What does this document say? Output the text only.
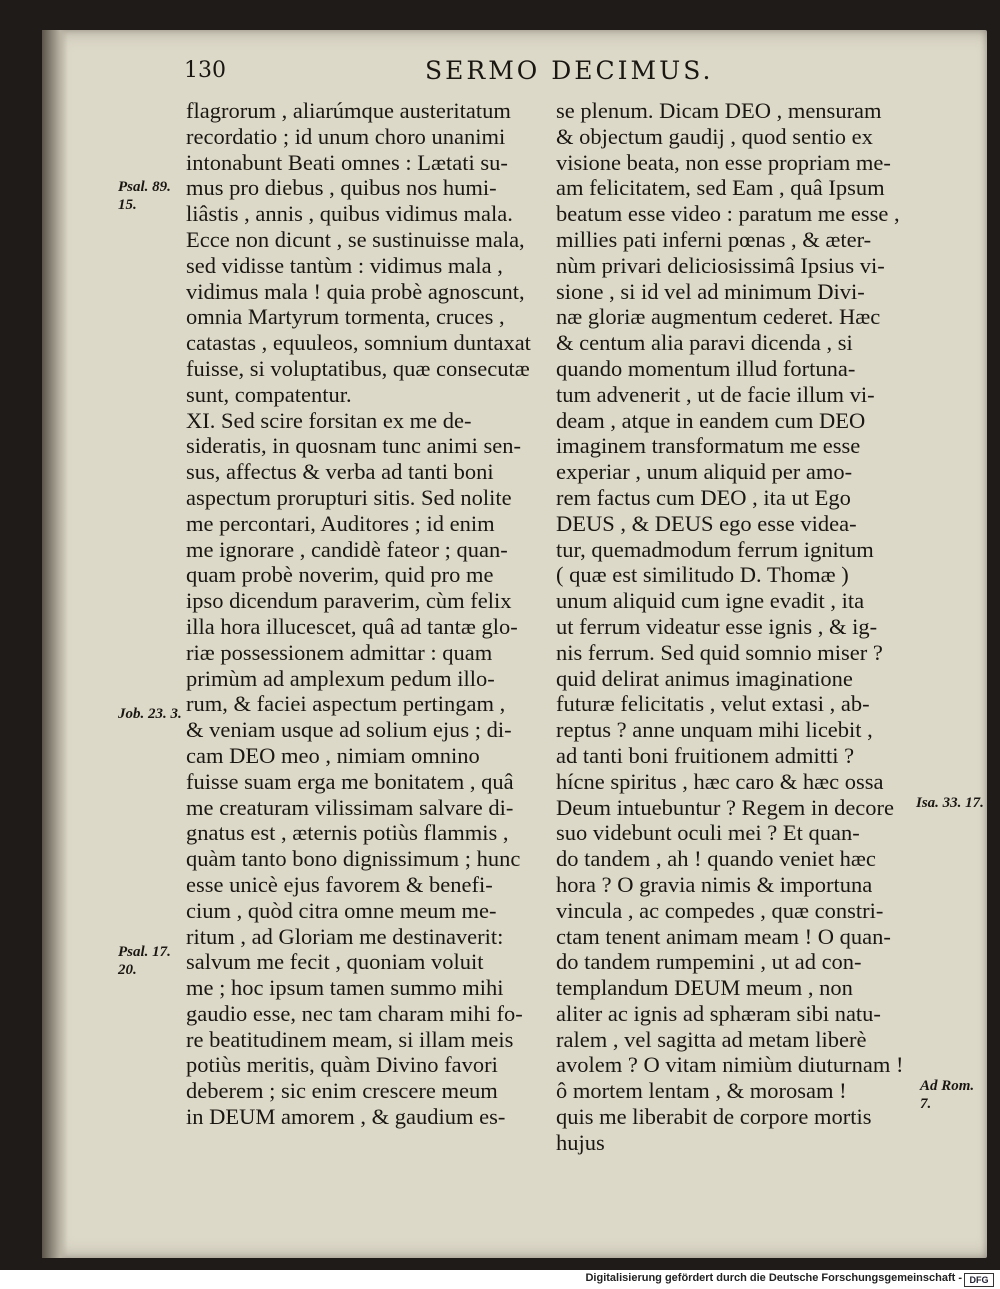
130	SERMO DECIMUS.
flagrorum , aliarúmque austeritatum
recordatio ; id unum choro unanimi
intonabunt Beati omnes : Lætati su-
mus pro diebus , quibus nos humi-
liâstis , annis , quibus vidimus mala.
Ecce non dicunt , se sustinuisse mala,
sed vidisse tantùm : vidimus mala ,
vidimus mala ! quia probè agnoscunt,
omnia Martyrum tormenta, cruces ,
catastas , equuleos, somnium duntaxat
fuisse, si voluptatibus, quæ consecutæ
sunt, compatentur.
XI. Sed scire forsitan ex me de-
sideratis, in quosnam tunc animi sen-
sus, affectus & verba ad tanti boni
aspectum prorupturi sitis. Sed nolite
me percontari, Auditores ; id enim
me ignorare , candidè fateor ; quan-
quam probè noverim, quid pro me
ipso dicendum paraverim, cùm felix
illa hora illucescet, quâ ad tantæ glo-
riæ possessionem admittar : quam
primùm ad amplexum pedum illo-
rum, & faciei aspectum pertingam ,
& veniam usque ad solium ejus ; di-
cam DEO meo , nimiam omnino
fuisse suam erga me bonitatem , quâ
me creaturam vilissimam salvare di-
gnatus est , æternis potiùs flammis ,
quàm tanto bono dignissimum ; hunc
esse unicè ejus favorem & benefi-
cium , quòd citra omne meum me-
ritum , ad Gloriam me destinaverit:
salvum me fecit , quoniam voluit
me ; hoc ipsum tamen summo mihi
gaudio esse, nec tam charam mihi fo-
re beatitudinem meam, si illam meis
potiùs meritis, quàm Divino favori
deberem ; sic enim crescere meum
in DEUM amorem , & gaudium es-
se plenum. Dicam DEO , mensuram
& objectum gaudij , quod sentio ex
visione beata, non esse propriam me-
am felicitatem, sed Eam , quâ Ipsum
beatum esse video : paratum me esse ,
millies pati inferni pœnas , & æter-
nùm privari deliciosissimâ Ipsius vi-
sione , si id vel ad minimum Divi-
næ gloriæ augmentum cederet. Hæc
& centum alia paravi dicenda , si
quando momentum illud fortuna-
tum advenerit , ut de facie illum vi-
deam , atque in eandem cum DEO
imaginem transformatum me esse
experiar , unum aliquid per amo-
rem factus cum DEO , ita ut Ego
DEUS , & DEUS ego esse videa-
tur, quemadmodum ferrum ignitum
( quæ est similitudo D. Thomæ )
unum aliquid cum igne evadit , ita
ut ferrum videatur esse ignis , & ig-
nis ferrum. Sed quid somnio miser ?
quid delirat animus imaginatione
futuræ felicitatis , velut extasi , ab-
reptus ? anne unquam mihi licebit ,
ad tanti boni fruitionem admitti ?
hícne spiritus , hæc caro & hæc ossa
Deum intuebuntur ? Regem in decore
suo videbunt oculi mei ? Et quan-
do tandem , ah ! quando veniet hæc
hora ? O gravia nimis & importuna
vincula , ac compedes , quæ constri-
ctam tenent animam meam ! O quan-
do tandem rumpemini , ut ad con-
templandum DEUM meum , non
aliter ac ignis ad sphæram sibi natu-
ralem , vel sagitta ad metam liberè
avolem ? O vitam nimiùm diuturnam !
ô mortem lentam , & morosam !
quis me liberabit de corpore mortis
hujus
Psal. 89.
15.
Job. 23. 3.
Psal. 17.
20.
Isa. 33. 17.
Ad Rom.
7.
Digitalisierung gefördert durch die Deutsche Forschungsgemeinschaft - DFG
